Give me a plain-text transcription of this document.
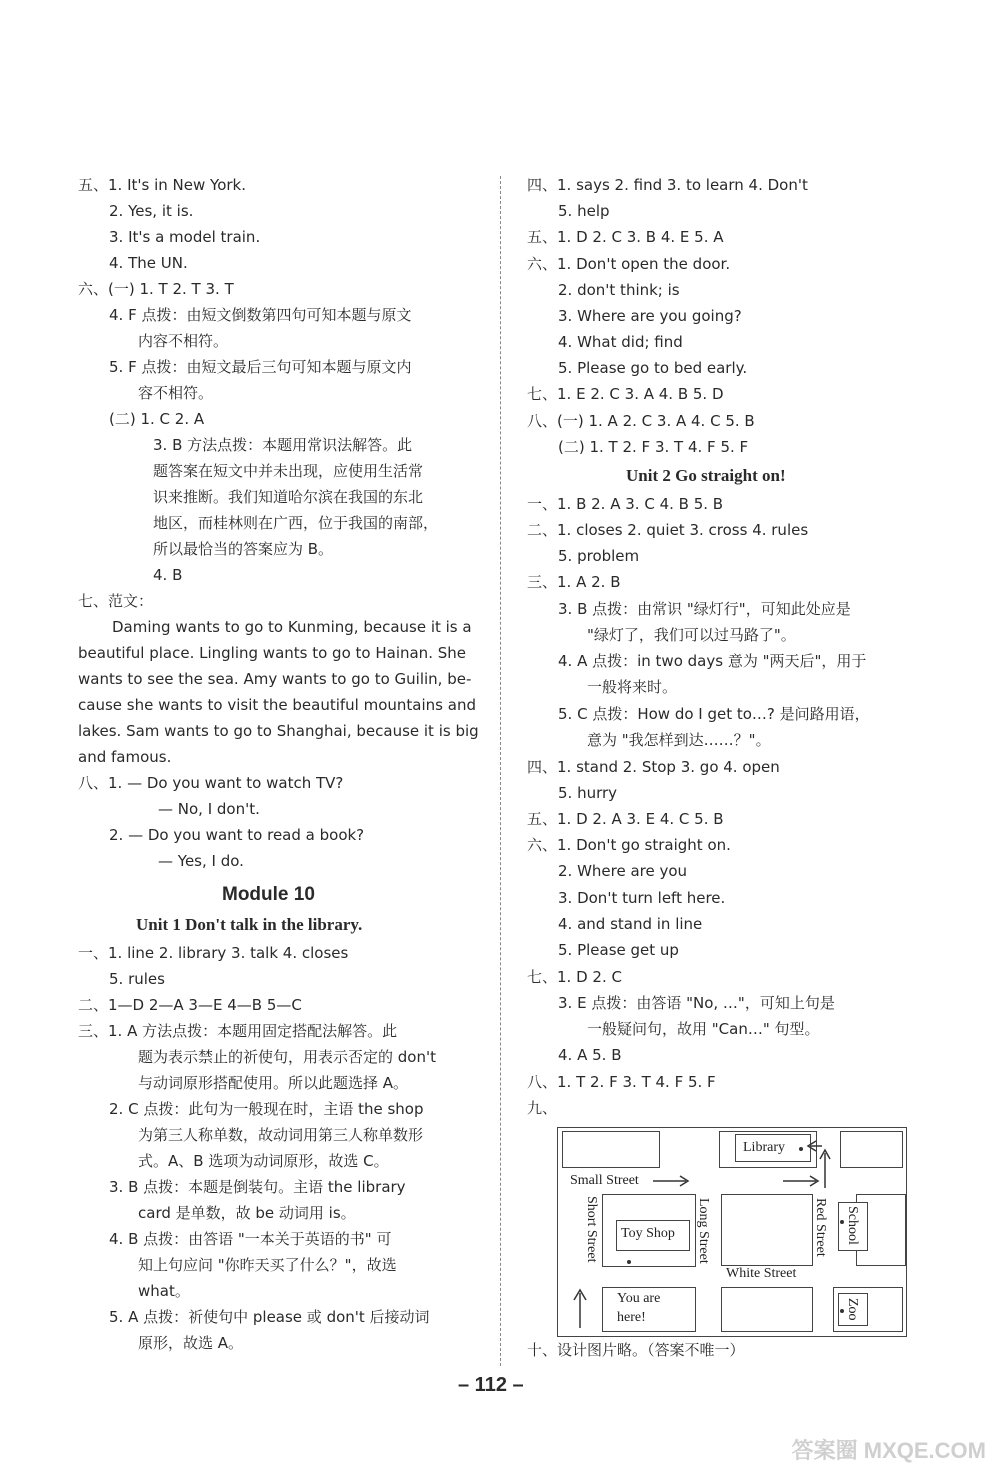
五、1. It's in New York.
2. Yes, it is.
3. It's a model train.
4. The UN.
六、(一) 1. T 2. T 3. T
4. F 点拨：由短文倒数第四句可知本题与原文
内容不相符。
5. F 点拨：由短文最后三句可知本题与原文内
容不相符。
(二) 1. C 2. A
3. B 方法点拨：本题用常识法解答。此
题答案在短文中并未出现，应使用生活常
识来推断。我们知道哈尔滨在我国的东北
地区，而桂林则在广西，位于我国的南部，
所以最恰当的答案应为 B。
4. B
七、范文：
Daming wants to go to Kunming, because it is a
beautiful place. Lingling wants to go to Hainan. She
wants to see the sea. Amy wants to go to Guilin, be-
cause she wants to visit the beautiful mountains and
lakes. Sam wants to go to Shanghai, because it is big
and famous.
八、1. — Do you want to watch TV?
— No, I don't.
2. — Do you want to read a book?
— Yes, I do.
Module 10
Unit 1 Don't talk in the library.
一、1. line 2. library 3. talk 4. closes
5. rules
二、1—D 2—A 3—E 4—B 5—C
三、1. A 方法点拨：本题用固定搭配法解答。此
题为表示禁止的祈使句，用表示否定的 don't
与动词原形搭配使用。所以此题选择 A。
2. C 点拨：此句为一般现在时，主语 the shop
为第三人称单数，故动词用第三人称单数形
式。A、B 选项为动词原形，故选 C。
3. B 点拨：本题是倒装句。主语 the library
card 是单数，故 be 动词用 is。
4. B 点拨：由答语 "一本关于英语的书" 可
知上句应问 "你昨天买了什么？"，故选
what。
5. A 点拨：祈使句中 please 或 don't 后接动词
原形，故选 A。
四、1. says 2. find 3. to learn 4. Don't
5. help
五、1. D 2. C 3. B 4. E 5. A
六、1. Don't open the door.
2. don't think; is
3. Where are you going?
4. What did; find
5. Please go to bed early.
七、1. E 2. C 3. A 4. B 5. D
八、(一) 1. A 2. C 3. A 4. C 5. B
(二) 1. T 2. F 3. T 4. F 5. F
Unit 2 Go straight on!
一、1. B 2. A 3. C 4. B 5. B
二、1. closes 2. quiet 3. cross 4. rules
5. problem
三、1. A 2. B
3. B 点拨：由常识 "绿灯行"，可知此处应是
"绿灯了，我们可以过马路了"。
4. A 点拨：in two days 意为 "两天后"，用于
一般将来时。
5. C 点拨：How do I get to…? 是问路用语，
意为 "我怎样到达……？"。
四、1. stand 2. Stop 3. go 4. open
5. hurry
五、1. D 2. A 3. E 4. C 5. B
六、1. Don't go straight on.
2. Where are you
3. Don't turn left here.
4. and stand in line
5. Please get up
七、1. D 2. C
3. E 点拨：由答语 "No, …"，可知上句是
一般疑问句，故用 "Can…" 句型。
4. A 5. B
八、1. T 2. F 3. T 4. F 5. F
九、
Library
Toy Shop	School
You are
here!	Zoo
Small Street
Short Street	Long Street
White Street
Red Street
十、设计图片略。（答案不唯一）
– 112 –
答案圈 MXQE.COM
